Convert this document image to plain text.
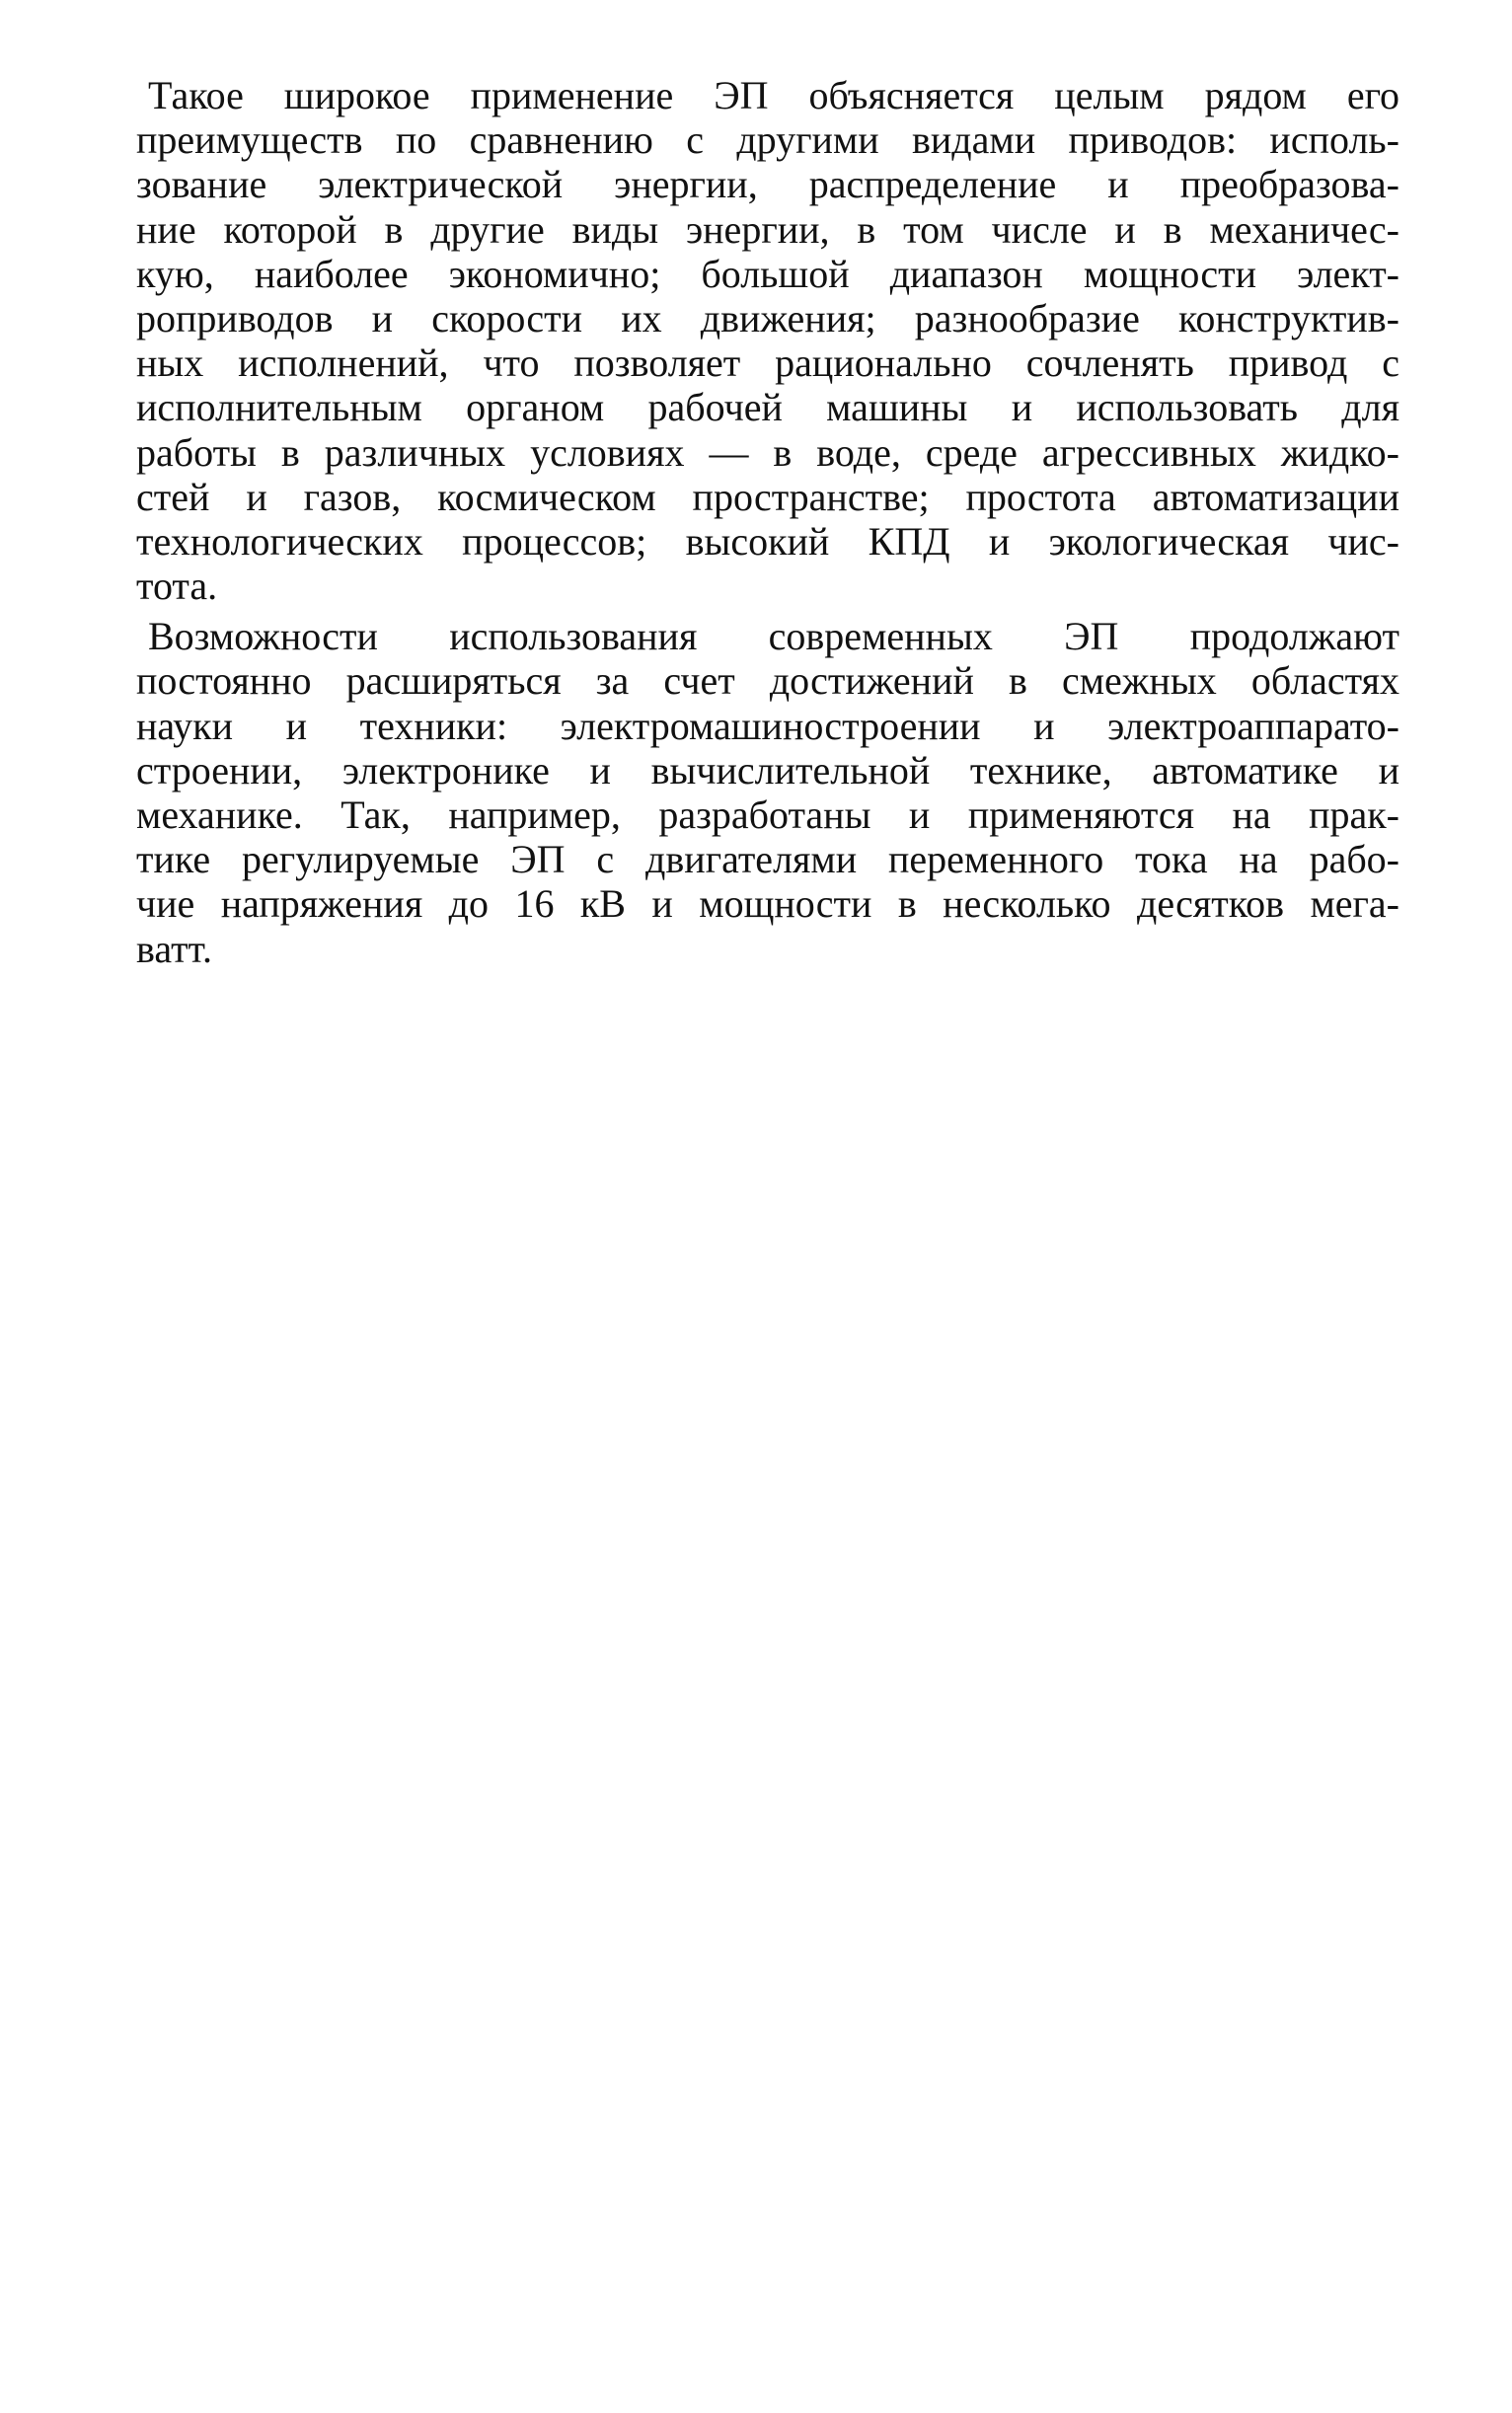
Такое широкое применение ЭП объясняется целым рядом его
преимуществ по сравнению с другими видами приводов: исполь-
зование электрической энергии, распределение и преобразова-
ние которой в другие виды энергии, в том числе и в механичес-
кую, наиболее экономично; большой диапазон мощности элект-
роприводов и скорости их движения; разнообразие конструктив-
ных исполнений, что позволяет рационально сочленять привод с
исполнительным органом рабочей машины и использовать для
работы в различных условиях — в воде, среде агрессивных жидко-
стей и газов, космическом пространстве; простота автоматизации
технологических процессов; высокий КПД и экологическая чис-
тота.
Возможности использования современных ЭП продолжают
постоянно расширяться за счет достижений в смежных областях
науки и техники: электромашиностроении и электроаппарато-
строении, электронике и вычислительной технике, автоматике и
механике. Так, например, разработаны и применяются на прак-
тике регулируемые ЭП с двигателями переменного тока на рабо-
чие напряжения до 16 кВ и мощности в несколько десятков мега-
ватт.
